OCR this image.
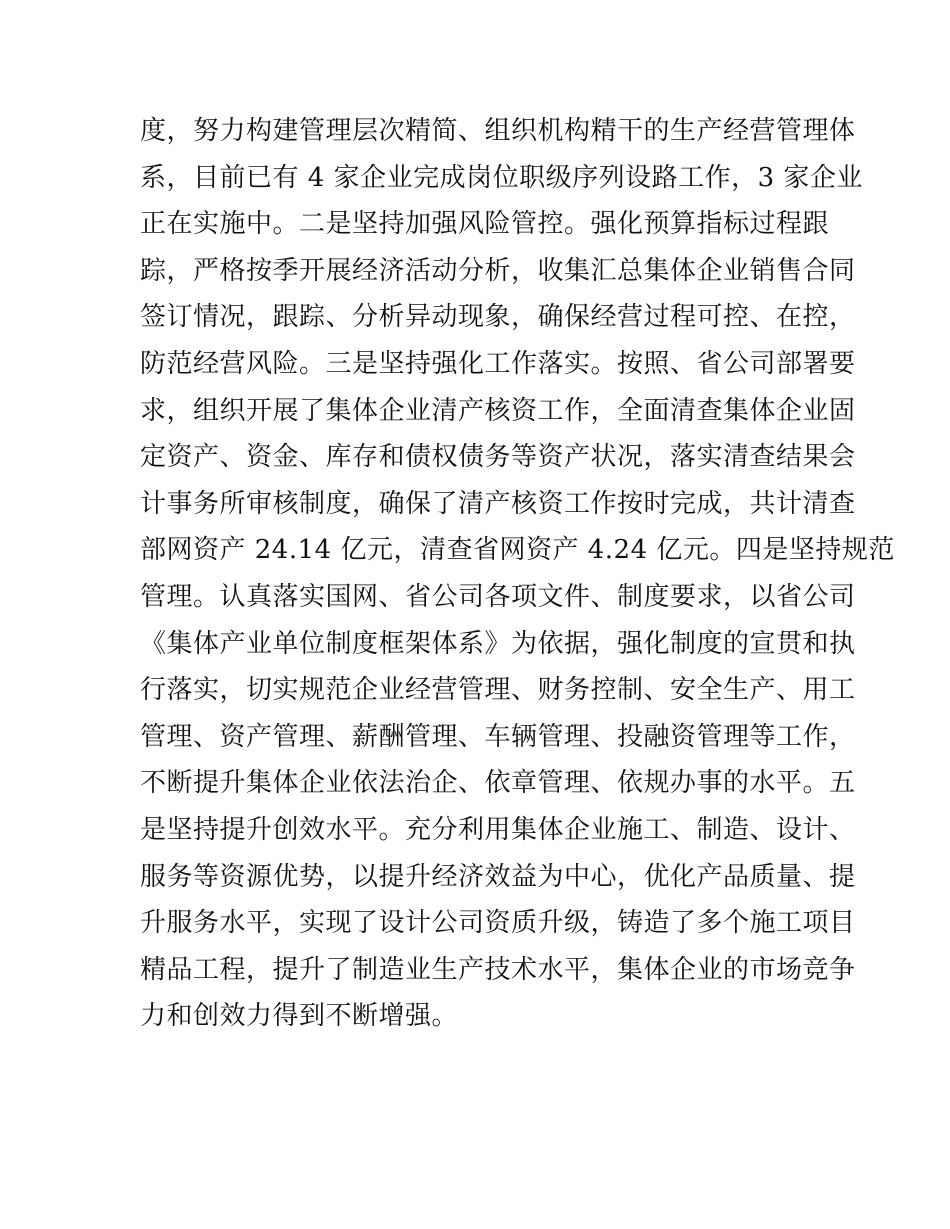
度，努力构建管理层次精简、组织机构精干的生产经营管理体
系，目前已有 4 家企业完成岗位职级序列设路工作，3 家企业
正在实施中。二是坚持加强风险管控。强化预算指标过程跟
踪，严格按季开展经济活动分析，收集汇总集体企业销售合同
签订情况，跟踪、分析异动现象，确保经营过程可控、在控，
防范经营风险。三是坚持强化工作落实。按照、省公司部署要
求，组织开展了集体企业清产核资工作，全面清查集体企业固
定资产、资金、库存和债权债务等资产状况，落实清查结果会
计事务所审核制度，确保了清产核资工作按时完成，共计清查
部网资产 24.14 亿元，清查省网资产 4.24 亿元。四是坚持规范
管理。认真落实国网、省公司各项文件、制度要求，以省公司
《集体产业单位制度框架体系》为依据，强化制度的宣贯和执
行落实，切实规范企业经营管理、财务控制、安全生产、用工
管理、资产管理、薪酬管理、车辆管理、投融资管理等工作，
不断提升集体企业依法治企、依章管理、依规办事的水平。五
是坚持提升创效水平。充分利用集体企业施工、制造、设计、
服务等资源优势，以提升经济效益为中心，优化产品质量、提
升服务水平，实现了设计公司资质升级，铸造了多个施工项目
精品工程，提升了制造业生产技术水平，集体企业的市场竞争
力和创效力得到不断增强。
